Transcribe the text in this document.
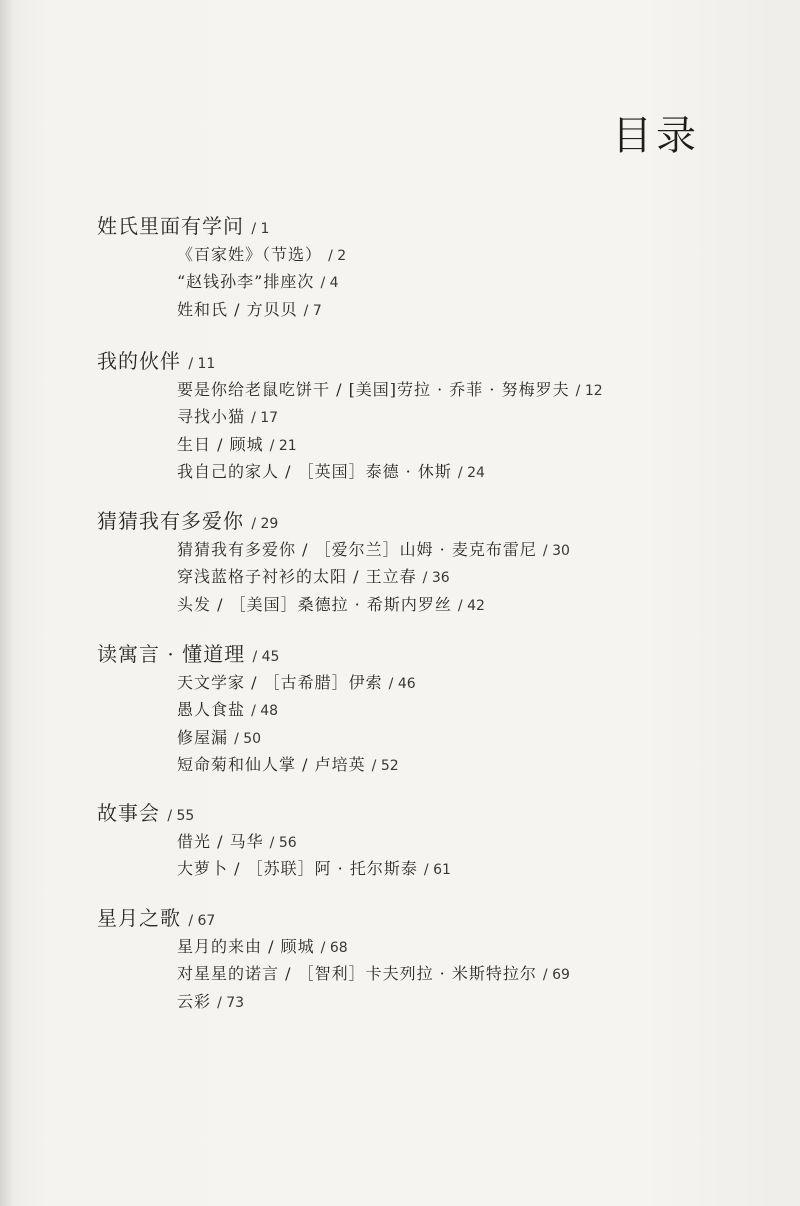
目录
姓氏里面有学问 / 1
《百家姓》（节选） / 2
“赵钱孙李”排座次 / 4
姓和氏 / 方贝贝 / 7
我的伙伴 / 11
要是你给老鼠吃饼干 / [美国]劳拉 · 乔菲 · 努梅罗夫 / 12
寻找小猫 / 17
生日 / 顾城 / 21
我自己的家人 / ［英国］泰德 · 休斯 / 24
猜猜我有多爱你 / 29
猜猜我有多爱你 / ［爱尔兰］山姆 · 麦克布雷尼 / 30
穿浅蓝格子衬衫的太阳 / 王立春 / 36
头发 / ［美国］桑德拉 · 希斯内罗丝 / 42
读寓言 · 懂道理 / 45
天文学家 / ［古希腊］伊索 / 46
愚人食盐 / 48
修屋漏 / 50
短命菊和仙人掌 / 卢培英 / 52
故事会 / 55
借光 / 马华 / 56
大萝卜 / ［苏联］阿 · 托尔斯泰 / 61
星月之歌 / 67
星月的来由 / 顾城 / 68
对星星的诺言 / ［智利］卡夫列拉 · 米斯特拉尔 / 69
云彩 / 73
